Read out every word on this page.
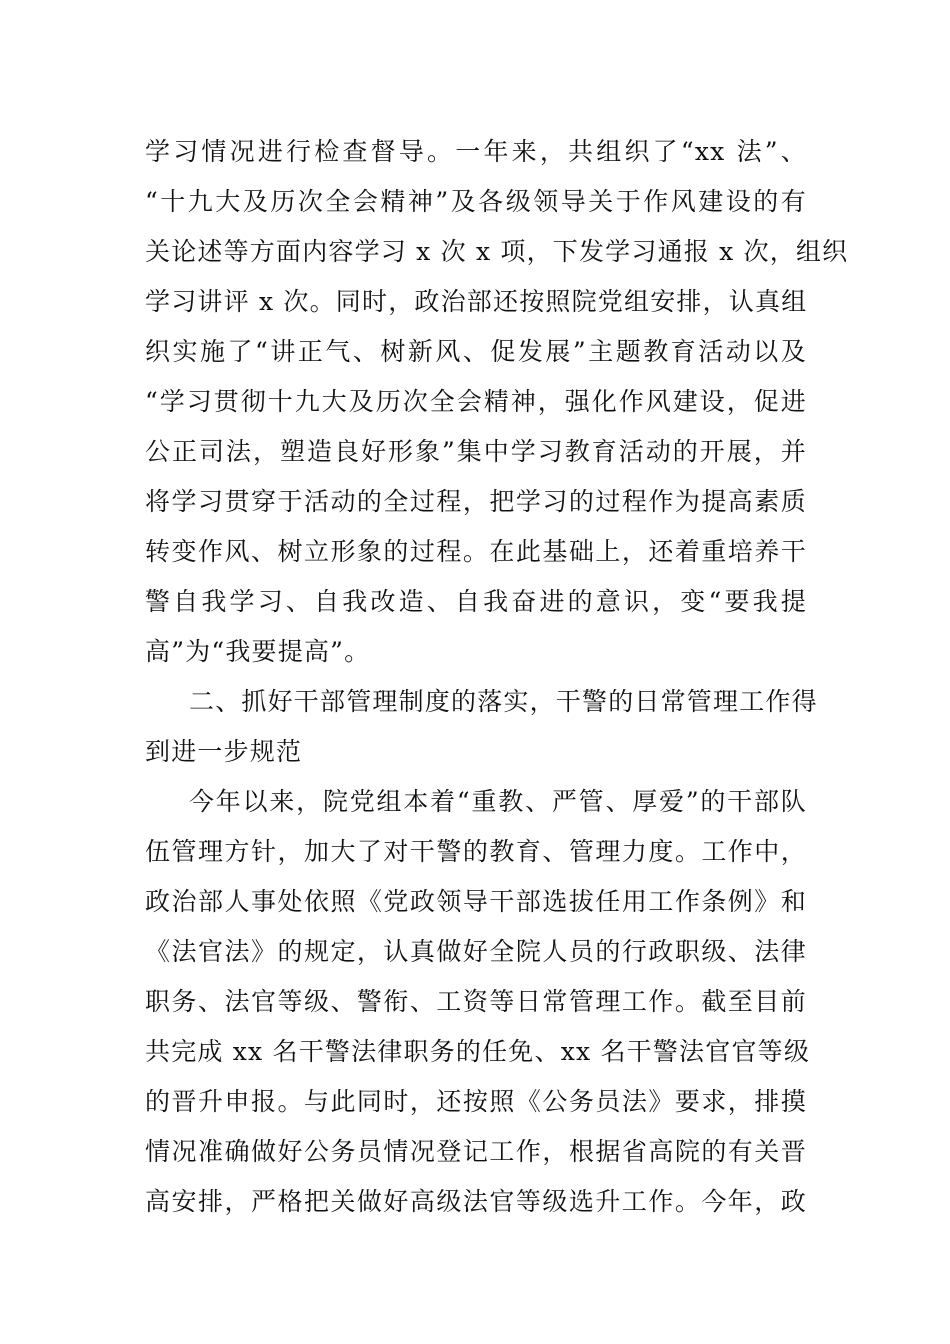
学习情况进行检查督导。一年来，共组织了“xx 法”、
“十九大及历次全会精神”及各级领导关于作风建设的有
关论述等方面内容学习 x 次 x 项，下发学习通报 x 次，组织
学习讲评 x 次。同时，政治部还按照院党组安排，认真组
织实施了“讲正气、树新风、促发展”主题教育活动以及
“学习贯彻十九大及历次全会精神，强化作风建设，促进
公正司法，塑造良好形象”集中学习教育活动的开展，并
将学习贯穿于活动的全过程，把学习的过程作为提高素质
转变作风、树立形象的过程。在此基础上，还着重培养干
警自我学习、自我改造、自我奋进的意识，变“要我提
高”为“我要提高”。
二、抓好干部管理制度的落实，干警的日常管理工作得
到进一步规范
今年以来，院党组本着“重教、严管、厚爱”的干部队
伍管理方针，加大了对干警的教育、管理力度。工作中，
政治部人事处依照《党政领导干部选拔任用工作条例》和
《法官法》的规定，认真做好全院人员的行政职级、法律
职务、法官等级、警衔、工资等日常管理工作。截至目前
共完成 xx 名干警法律职务的任免、xx 名干警法官官等级
的晋升申报。与此同时，还按照《公务员法》要求，排摸
情况准确做好公务员情况登记工作，根据省高院的有关晋
高安排，严格把关做好高级法官等级选升工作。今年，政
